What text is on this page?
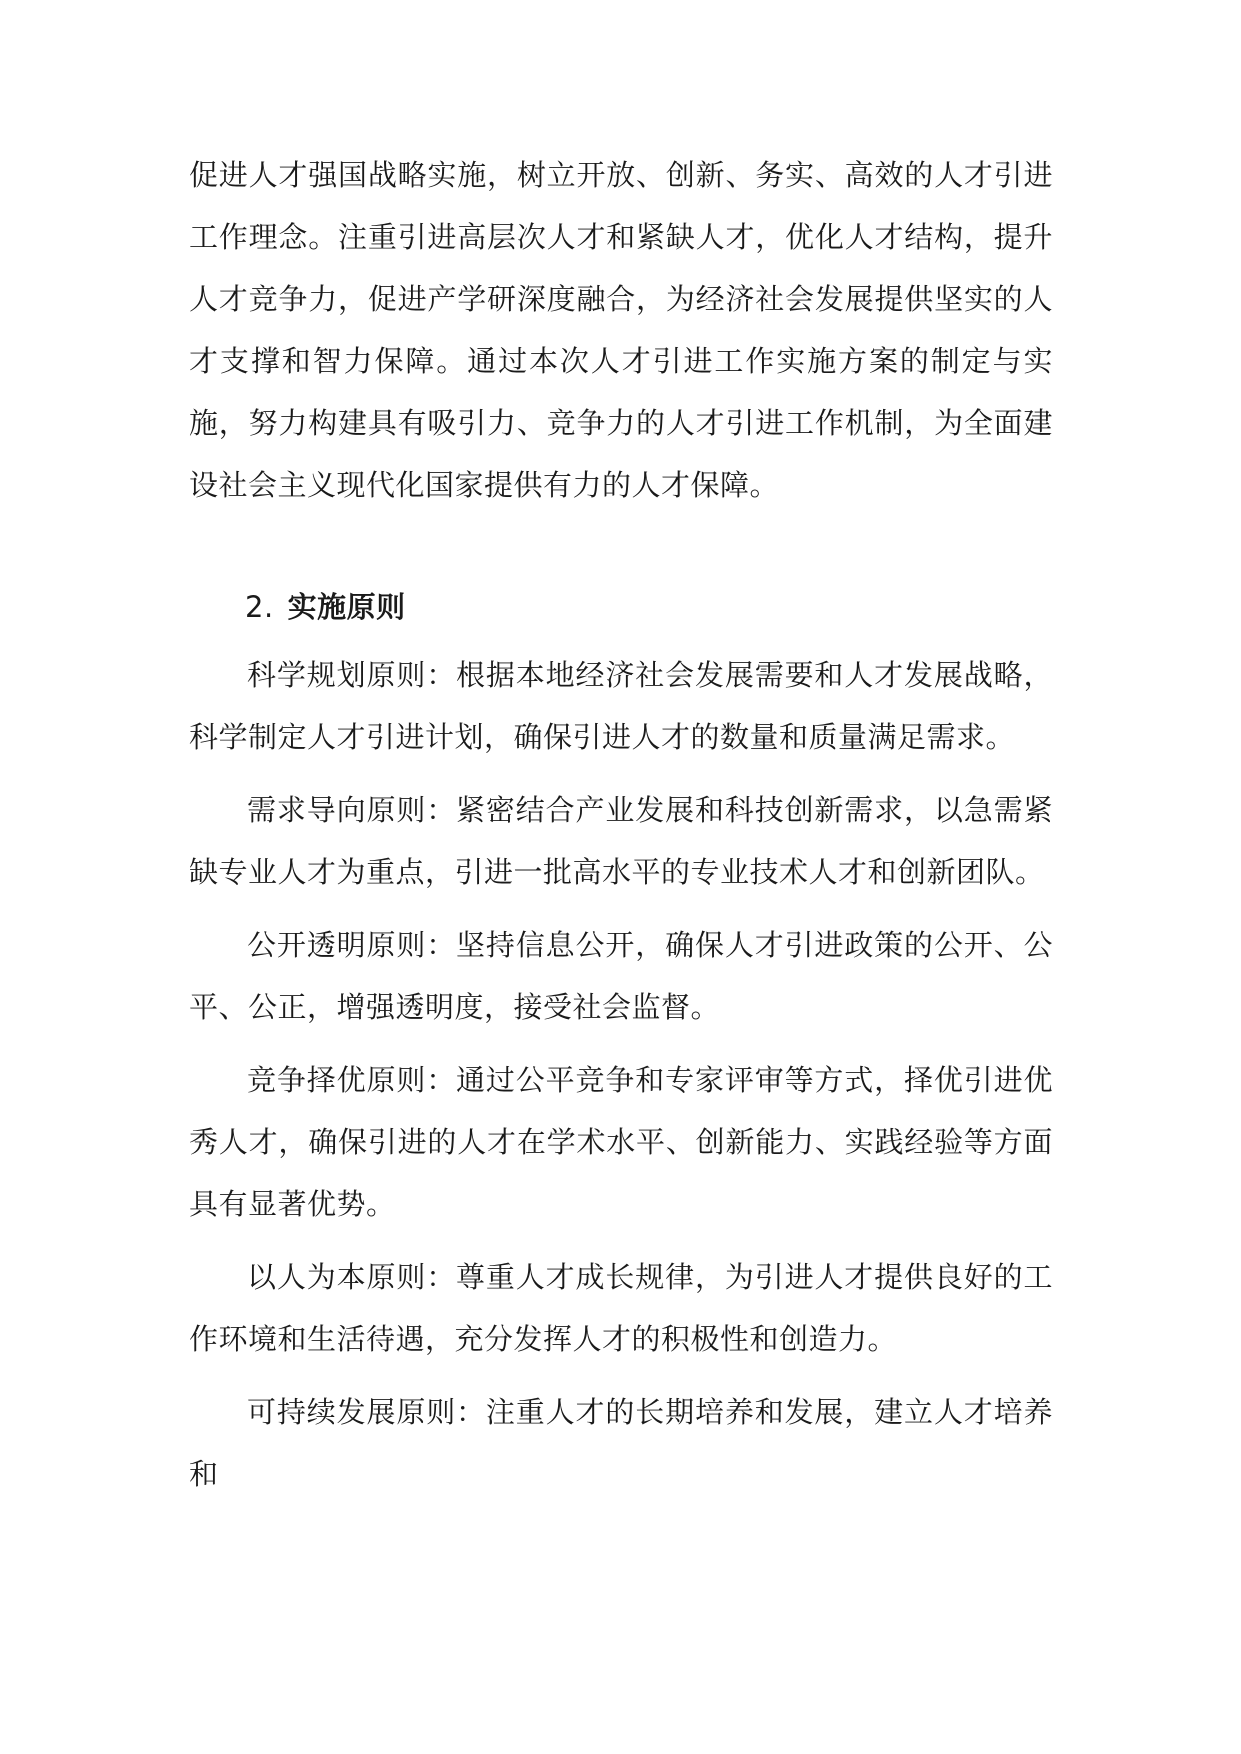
促进人才强国战略实施，树立开放、创新、务实、高效的人才引进工作理念。注重引进高层次人才和紧缺人才，优化人才结构，提升人才竞争力，促进产学研深度融合，为经济社会发展提供坚实的人才支撑和智力保障。通过本次人才引进工作实施方案的制定与实施，努力构建具有吸引力、竞争力的人才引进工作机制，为全面建设社会主义现代化国家提供有力的人才保障。

2. 实施原则

科学规划原则：根据本地经济社会发展需要和人才发展战略，科学制定人才引进计划，确保引进人才的数量和质量满足需求。

需求导向原则：紧密结合产业发展和科技创新需求，以急需紧缺专业人才为重点，引进一批高水平的专业技术人才和创新团队。

公开透明原则：坚持信息公开，确保人才引进政策的公开、公平、公正，增强透明度，接受社会监督。

竞争择优原则：通过公平竞争和专家评审等方式，择优引进优秀人才，确保引进的人才在学术水平、创新能力、实践经验等方面具有显著优势。

以人为本原则：尊重人才成长规律，为引进人才提供良好的工作环境和生活待遇，充分发挥人才的积极性和创造力。

可持续发展原则：注重人才的长期培养和发展，建立人才培养和
